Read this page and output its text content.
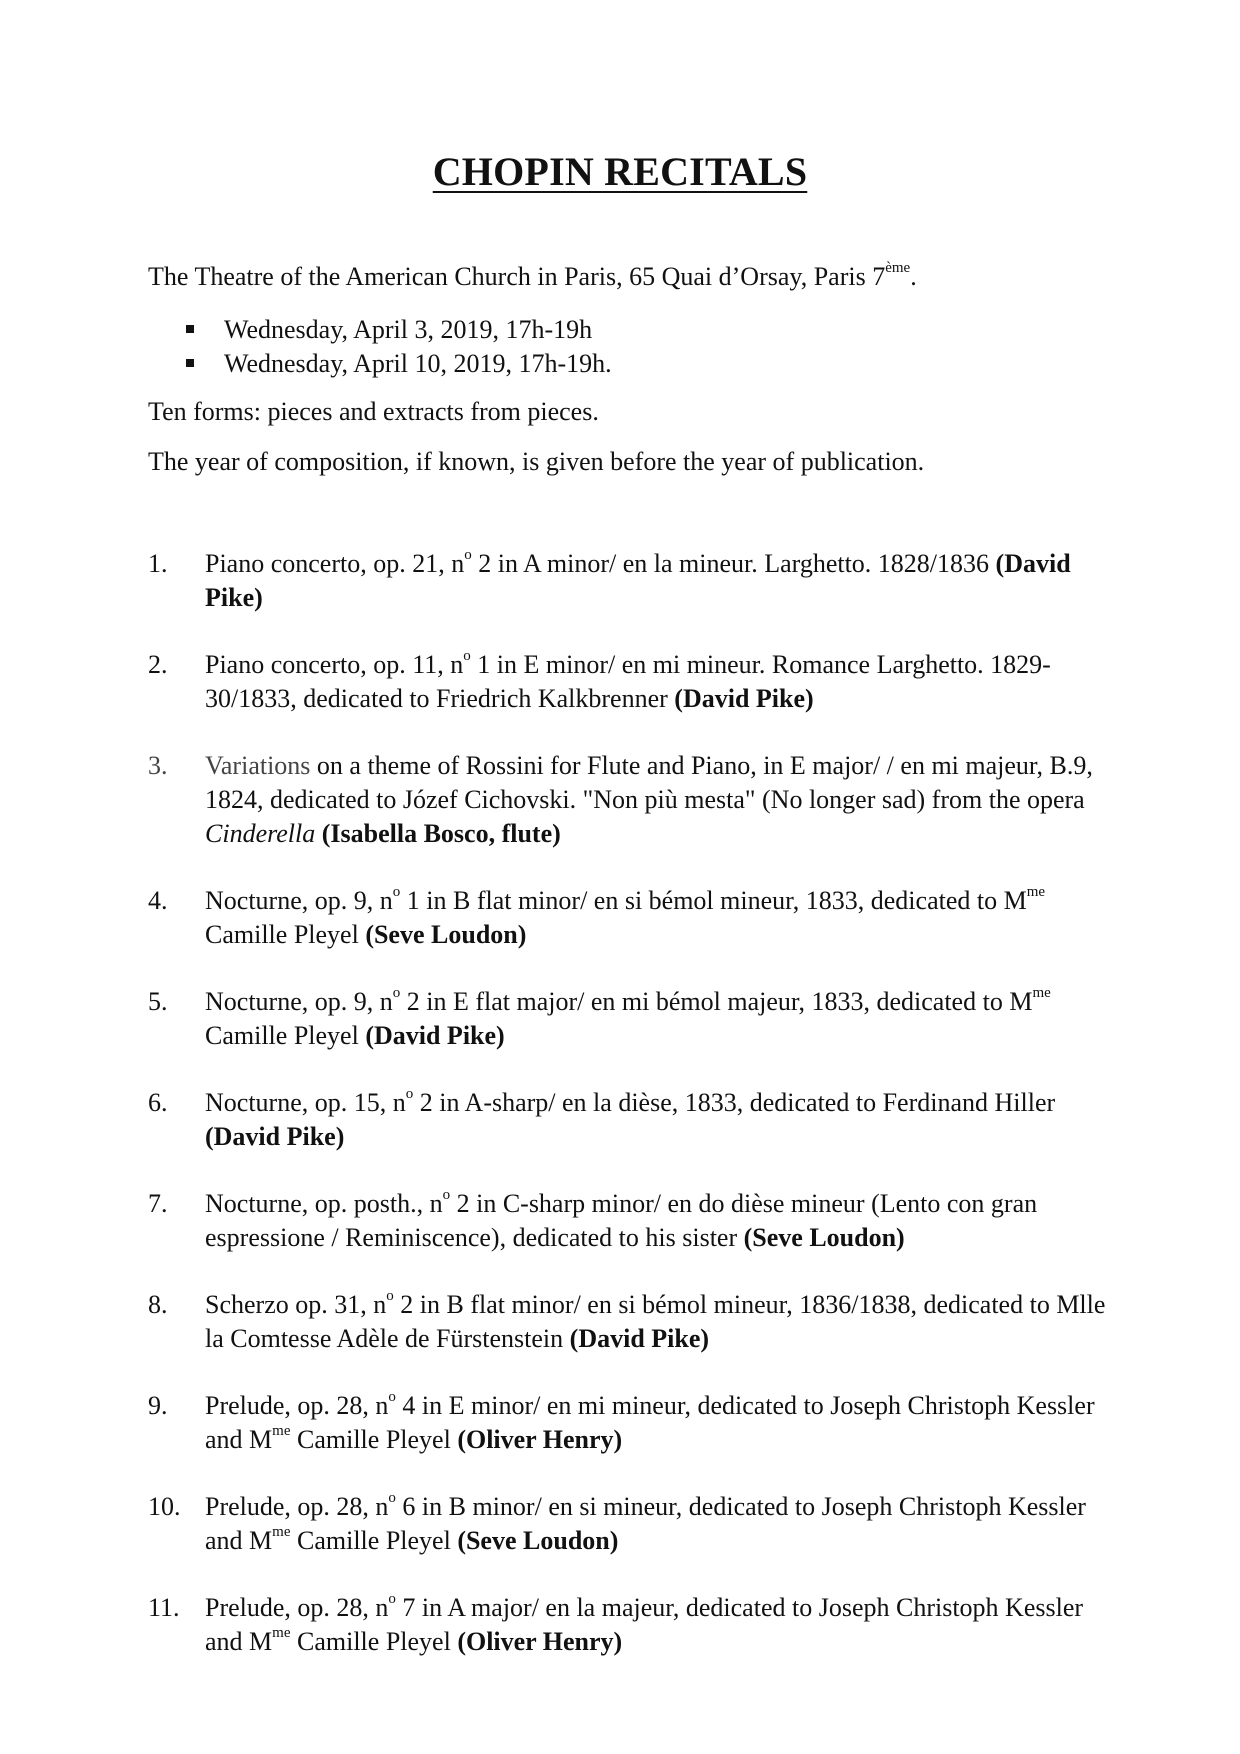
CHOPIN RECITALS
The Theatre of the American Church in Paris, 65 Quai d’Orsay, Paris 7ème.
Wednesday, April 3, 2019, 17h-19h
Wednesday, April 10, 2019, 17h-19h.
Ten forms: pieces and extracts from pieces.
The year of composition, if known, is given before the year of publication.
1. Piano concerto, op. 21, $n^o$ 2 in A minor/ en la mineur. Larghetto. 1828/1836 (David Pike)
2. Piano concerto, op. 11, $n^o$ 1 in E minor/ en mi mineur. Romance Larghetto. 1829-30/1833, dedicated to Friedrich Kalkbrenner (David Pike)
3. Variations on a theme of Rossini for Flute and Piano, in E major/ / en mi majeur, B.9, 1824, dedicated to Józef Cichovski. "Non più mesta" (No longer sad) from the opera Cinderella (Isabella Bosco, flute)
4. Nocturne, op. 9, $n^o$ 1 in B flat minor/ en si bémol mineur, 1833, dedicated to $M^{me}$ Camille Pleyel (Seve Loudon)
5. Nocturne, op. 9, $n^o$ 2 in E flat major/ en mi bémol majeur, 1833, dedicated to $M^{me}$ Camille Pleyel (David Pike)
6. Nocturne, op. 15, $n^o$ 2 in A-sharp/ en la dièse, 1833, dedicated to Ferdinand Hiller (David Pike)
7. Nocturne, op. posth., $n^o$ 2 in C-sharp minor/ en do dièse mineur (Lento con gran espressione / Reminiscence), dedicated to his sister (Seve Loudon)
8. Scherzo op. 31, $n^o$ 2 in B flat minor/ en si bémol mineur, 1836/1838, dedicated to Mlle la Comtesse Adèle de Fürstenstein (David Pike)
9. Prelude, op. 28, $n^o$ 4 in E minor/ en mi mineur, dedicated to Joseph Christoph Kessler and $M^{me}$ Camille Pleyel (Oliver Henry)
10. Prelude, op. 28, $n^o$ 6 in B minor/ en si mineur, dedicated to Joseph Christoph Kessler and $M^{me}$ Camille Pleyel (Seve Loudon)
11. Prelude, op. 28, $n^o$ 7 in A major/ en la majeur, dedicated to Joseph Christoph Kessler and $M^{me}$ Camille Pleyel (Oliver Henry)
